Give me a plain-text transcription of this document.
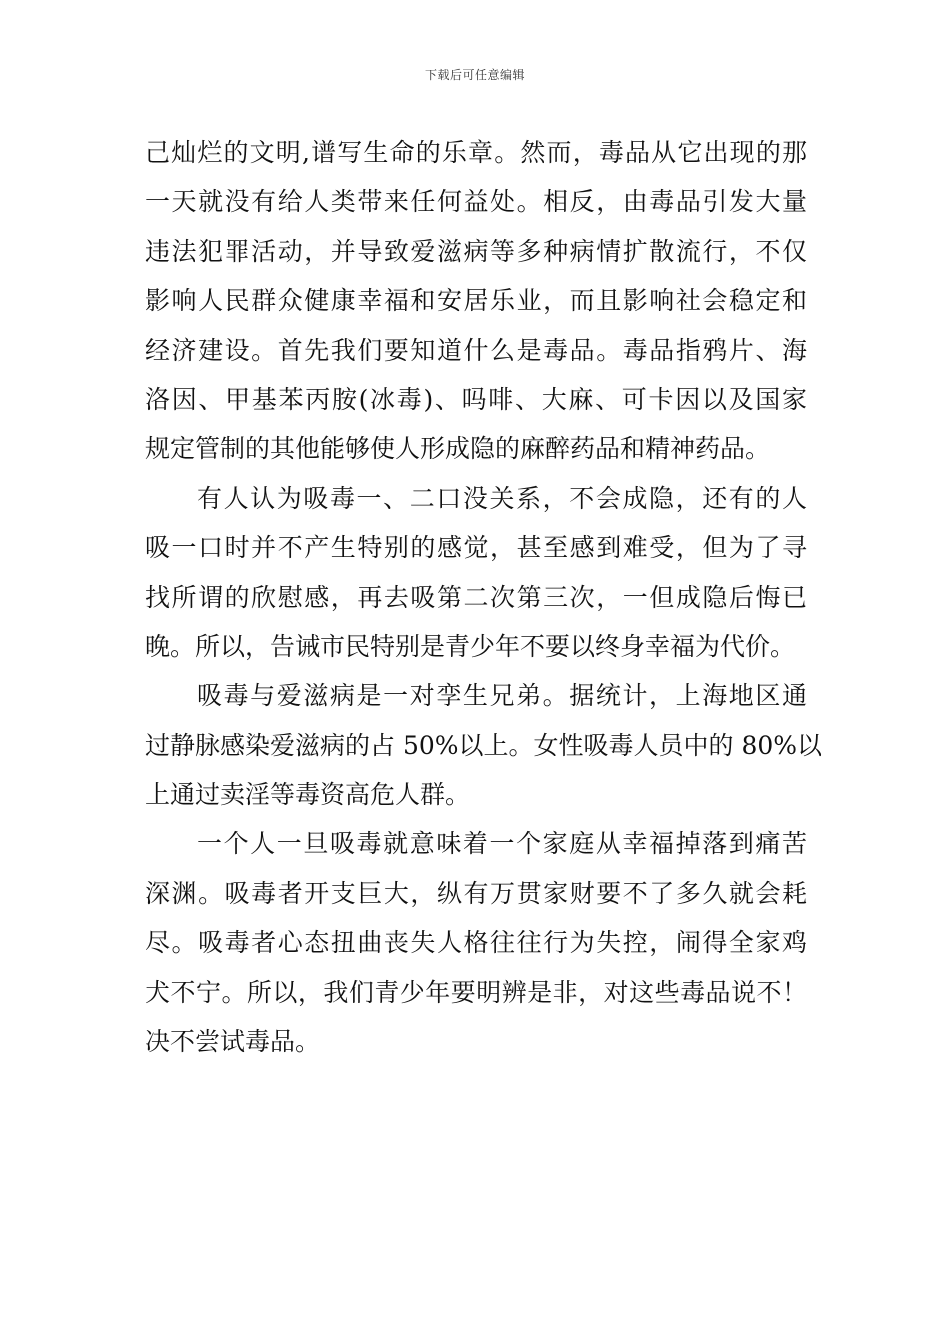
下载后可任意编辑
己灿烂的文明,谱写生命的乐章。然而，毒品从它出现的那
一天就没有给人类带来任何益处。相反，由毒品引发大量
违法犯罪活动，并导致爱滋病等多种病情扩散流行，不仅
影响人民群众健康幸福和安居乐业，而且影响社会稳定和
经济建设。首先我们要知道什么是毒品。毒品指鸦片、海
洛因、甲基苯丙胺(冰毒)、吗啡、大麻、可卡因以及国家
规定管制的其他能够使人形成隐的麻醉药品和精神药品。
有人认为吸毒一、二口没关系，不会成隐，还有的人
吸一口时并不产生特别的感觉，甚至感到难受，但为了寻
找所谓的欣慰感，再去吸第二次第三次，一但成隐后悔已
晚。所以，告诫市民特别是青少年不要以终身幸福为代价。
吸毒与爱滋病是一对孪生兄弟。据统计，上海地区通
过静脉感染爱滋病的占 50%以上。女性吸毒人员中的 80%以
上通过卖淫等毒资高危人群。
一个人一旦吸毒就意味着一个家庭从幸福掉落到痛苦
深渊。吸毒者开支巨大，纵有万贯家财要不了多久就会耗
尽。吸毒者心态扭曲丧失人格往往行为失控，闹得全家鸡
犬不宁。所以，我们青少年要明辨是非，对这些毒品说不！
决不尝试毒品。
